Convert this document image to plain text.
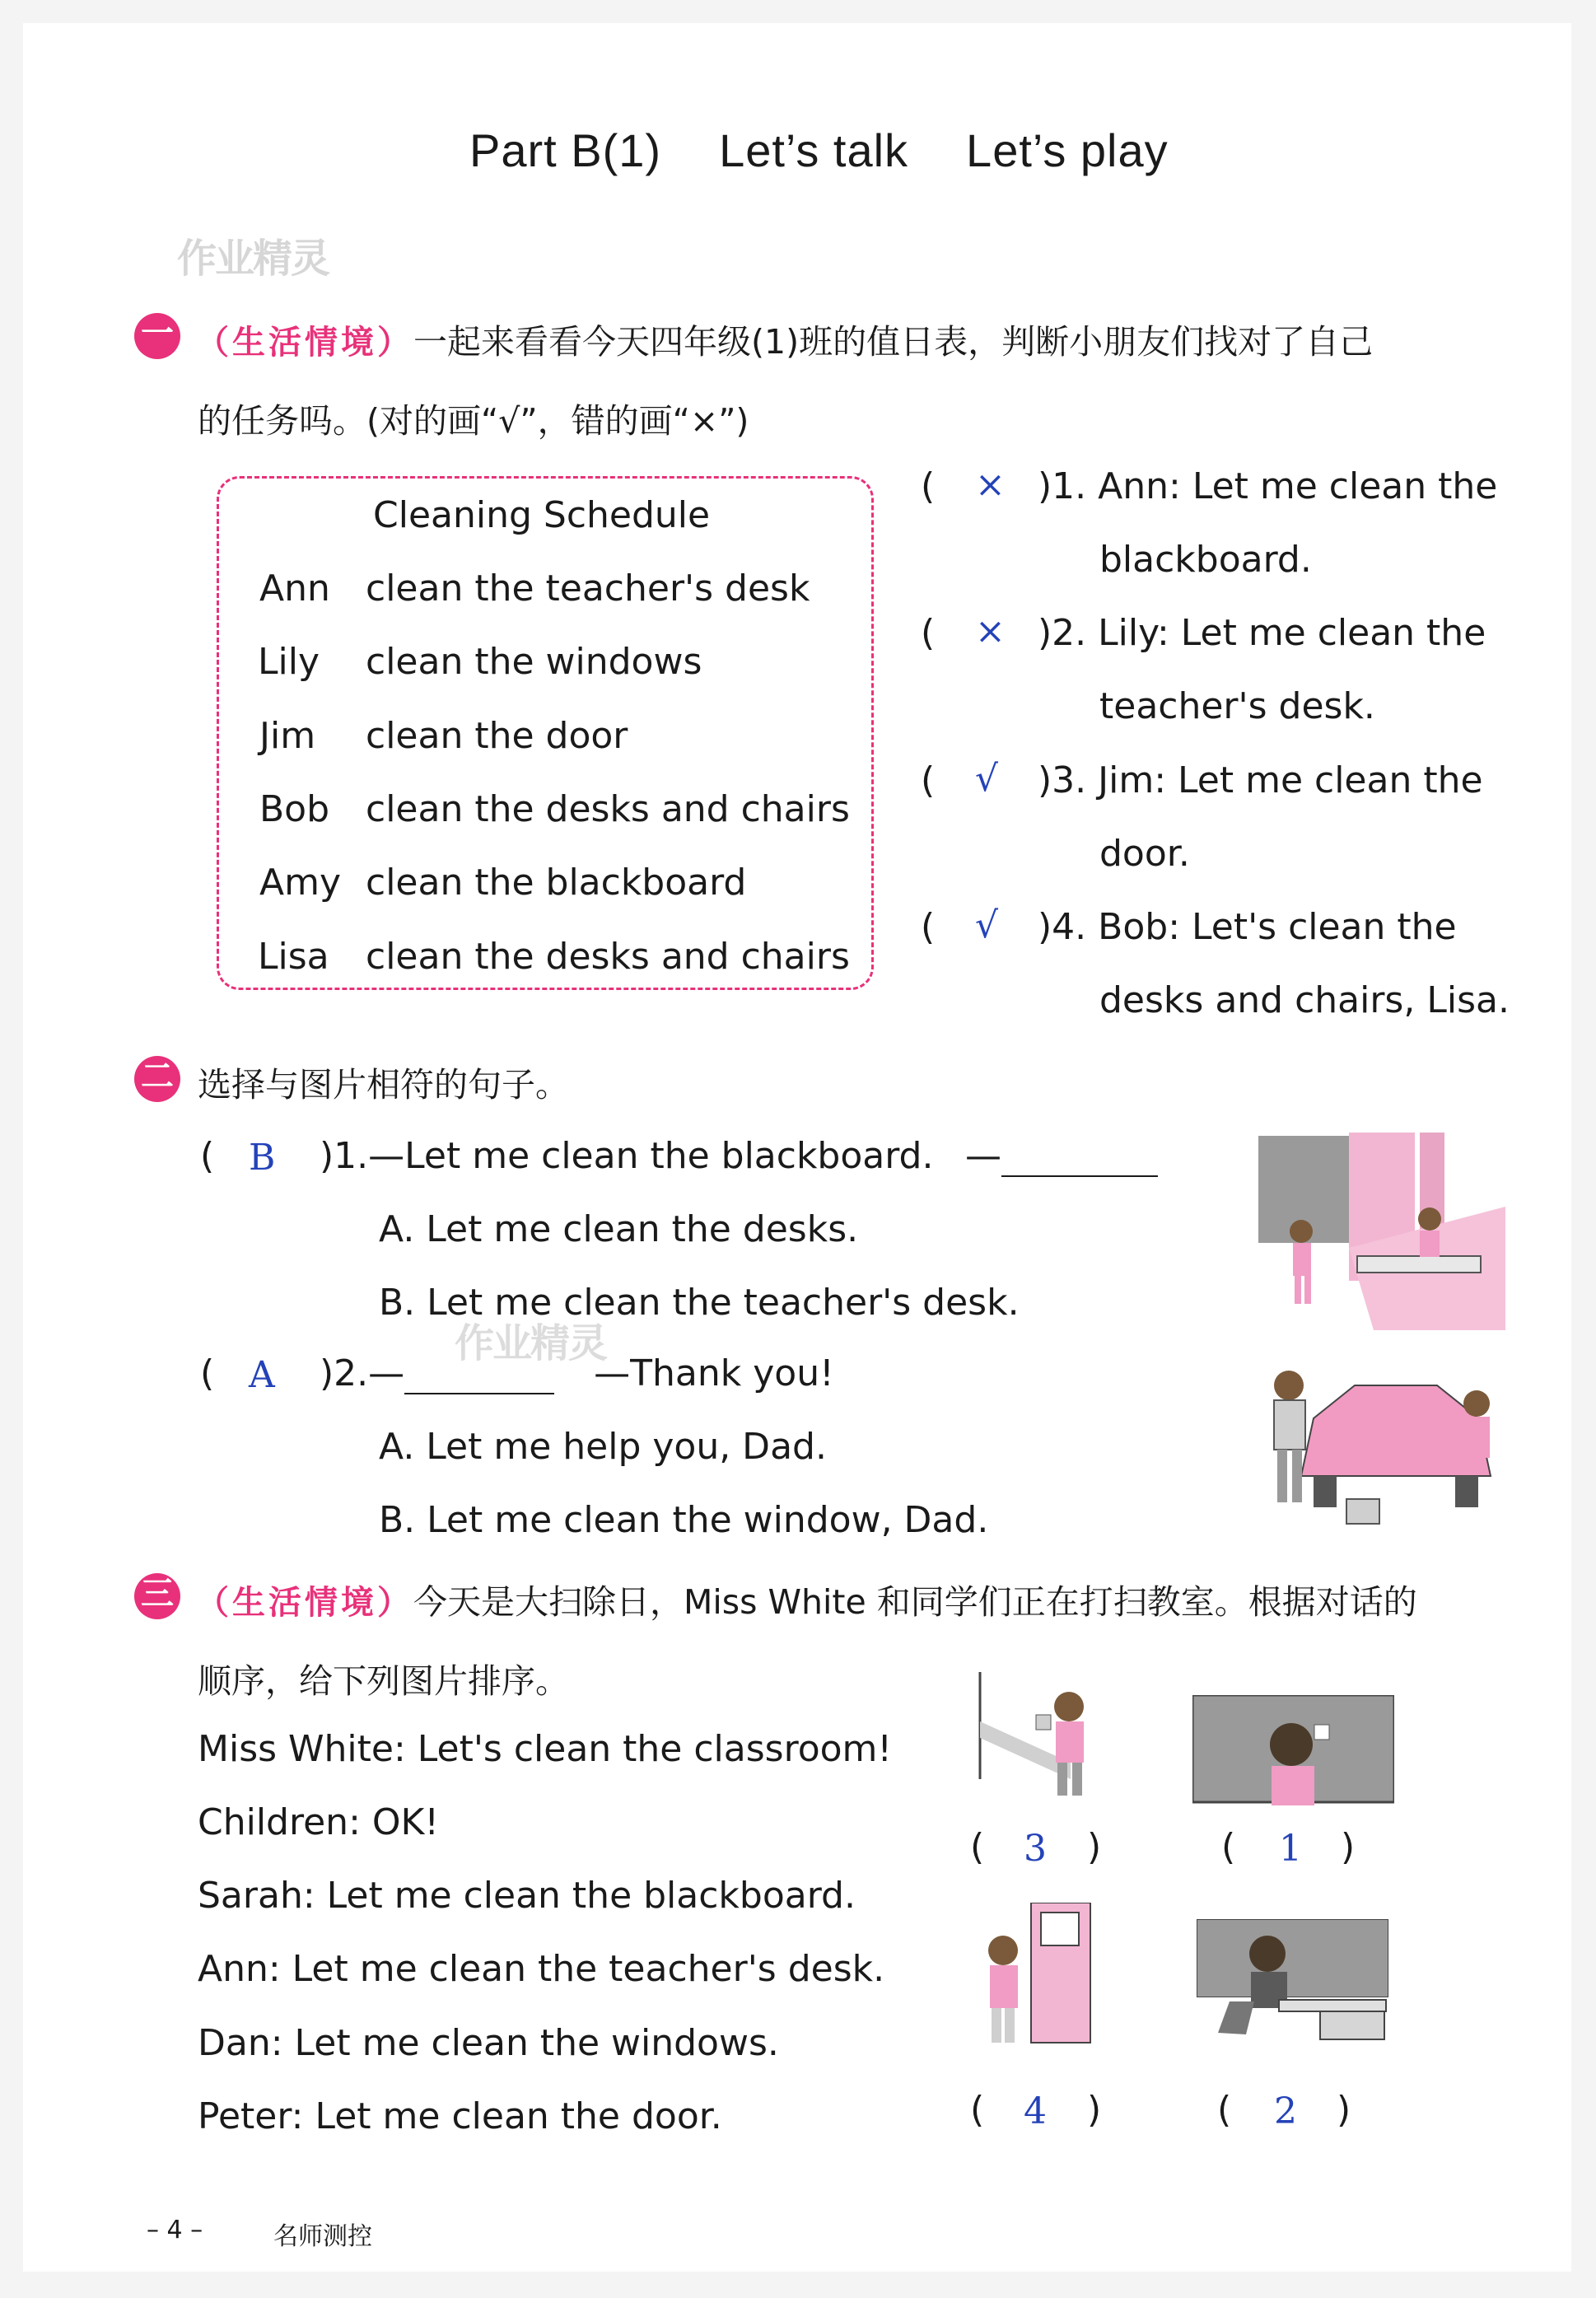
Part B(1) Let’s talk Let’s play
作业精灵
作业精灵
一 （生活情境）一起来看看今天四年级(1)班的值日表，判断小朋友们找对了自己
的任务吗。(对的画“√”，错的画“×”)
Cleaning Schedule
Ann clean the teacher's desk
Lily clean the windows
Jim clean the door
Bob clean the desks and chairs
Amy clean the blackboard
Lisa clean the desks and chairs
( × )1. Ann: Let me clean the
blackboard.
( × )2. Lily: Let me clean the
teacher's desk.
( √ )3. Jim: Let me clean the
door.
( √ )4. Bob: Let's clean the
desks and chairs, Lisa.
二 选择与图片相符的句子。
( B )1.—Let me clean the blackboard. —
A. Let me clean the desks.
B. Let me clean the teacher's desk.
( A )2.—	—Thank you!
A. Let me help you, Dad.
B. Let me clean the window, Dad.
三 （生活情境）今天是大扫除日，Miss White 和同学们正在打扫教室。根据对话的
顺序，给下列图片排序。
Miss White: Let's clean the classroom!
Children: OK!
Sarah: Let me clean the blackboard.
Ann: Let me clean the teacher's desk.
Dan: Let me clean the windows.
Peter: Let me clean the door.
( 3 )	( 1 )
( 4 )	( 2 )
– 4 –	名师测控
